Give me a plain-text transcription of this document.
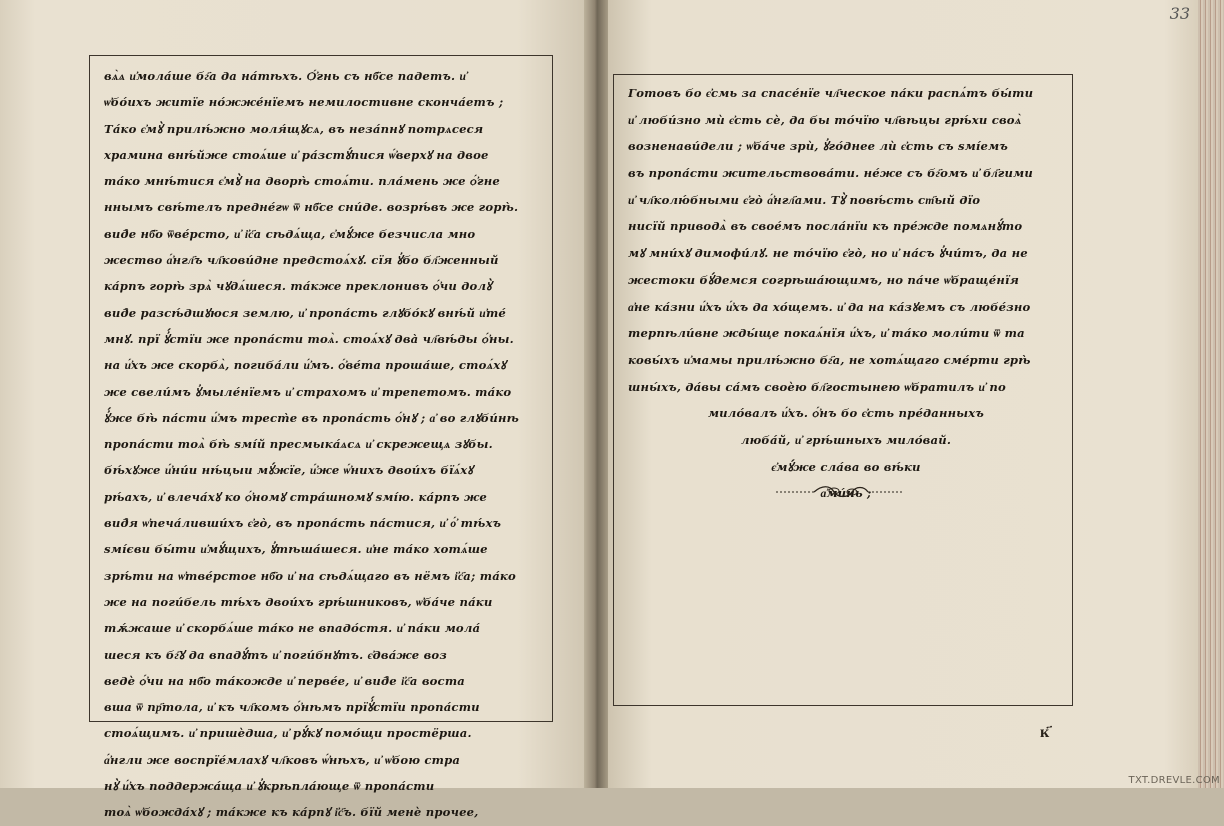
вѧ̀ѧ и҆мола́ше бг҃а да на́тѣхъ. Ѻ҆́гнь съ нб҃се падетъ. и҆
ѡ҆бо́ихъ житїе но́жже́нїемъ немилостивне сконча́етъ ;
Та́ко є҆мꙋ̀ прилѣ́жно моля́щꙋсѧ, въ неза́пнꙋ потрѧсеся
храмина внѣ́йже стоѧ́ше и҆ ра́зстꙋ́пися ѡ҆́верхꙋ на двое
та́ко мнѣ́тися є҆мꙋ̀ на дворѣ̀ стоѧ́ти. пла́мень же ѻ҆́гне
ннымъ свѣ́телъ предне́гѡ ѿ нб҃се сни́де. возрѣ́въ же горѣ̀.
вид̑е нб҃о ѿве́рсто, и҆ і҆с҃а сѣдѧ́ща, є҆мꙋ́же безчисла мно
жество а҆́нгл҃ъ чл҃кови́дне предстоѧ́хꙋ. сїя ꙋ҆бо бл҃женный
ка́рпъ горѣ̀ зрѧ̀ чꙋдѧ́шеся. та́кже преклонивъ ѻ҆́чи долꙋ̀
вид̑е разсѣ́дшꙋюся землю, и҆ пропа́сть глꙋбо́кꙋ внѣ́й и҆те́
мнꙋ. прї ꙋ҆́стїи же пропа́сти тоѧ̀. стоѧ́хꙋ два̀ чл҃вѣ́ды ѻ҆́ны.
на и҆́хъ же скорбѧ̀, погиба́ли и҆́мъ. ѻ҆́ве́та проша́ше, стоѧ́хꙋ
же свели́мъ ꙋ҆мыле́нїемъ и҆ страхомъ и҆ трепетомъ. та́ко
ꙋ҆́же бѣ̀ па́сти и҆́мъ трест̀е въ пропа́сть ѻ҆́нꙋ ; а҆ во глꙋби́нѣ
пропа́сти тоѧ̀ бѣ̀ ѕмі́й пресмыка́ѧсѧ и҆ скрежещѧ зꙋбы.
бѣ́хꙋже и҆́ни́и нѣ́цыи мꙋ́жїе, и҆́же ѡ҆́нихъ двои́хъ бїѧ́хꙋ
рѣ́ахъ, и҆ влеча́хꙋ ко ѻ҆́номꙋ стра́шномꙋ ѕмі́ю. ка́рпъ же
вид̑я ѡ҆печа́ливши́хъ є҆го̀, въ пропа́сть па́стися, и҆ о҆́ тѣ́хъ
ѕмі́єви бы́ти и҆мꙋ́щихъ, ꙋ҆тѣша́шеся. и҆не та́ко хотѧ́ше
зрѣ́ти на ѡ҆тве́рстое нб҃о и҆ на сѣдѧ́щаго въ нёмъ і҆с҃а; та́ко
же на поги́бель тѣ́хъ двои́хъ грѣ́шниковъ, ѡ҆ба́че па́ки
тѫ́жаше и҆ скорбѧ́ше та́ко не впадо́стя. и҆ па́ки мола́
шеся къ бг҃ꙋ да впадꙋ́тъ и҆ поги́бнꙋтъ. є҆два́же воз
ведѐ ѻ҆́чи на нб҃о та́кожде и҆ перве́е, и҆ вид̑е і҆с҃а воста
вша ѿ пр҃тола, и҆ къ чл҃комъ ѻ҆́нѣмъ прїꙋ҆́стїи пропа́сти
стоѧ́щимъ. и҆ пришѐдша, и҆ рꙋ́кꙋ помо́щи простёрша.
а҆́нгли же воспрїе́млахꙋ чл҃ковъ ѡ҆́нѣхъ, и҆ ѡ҆бою стра
нꙋ̀ и҆́хъ поддержа́ща и҆ ꙋ҆крѣпла́юще ѿ пропа́сти
тоѧ̀ ѡ҆божда́хꙋ ; та́кже къ ка́рпꙋ і҆с҃ъ. бїй менѐ прочее,
Готовъ бо є҆смь за спасе́нїе чл҃ческое па́ки распѧ́тъ бы́ти
и҆ люби́зно мѝ є҆сть сѐ, да бы то́чїю чл҃вѣцы грѣ́хи своѧ̀
возненави́дели ; ѡ҆ба́че зрѝ, ꙋ҆го́днее лѝ є҆сть съ ѕмі́емъ
въ пропа́сти жительствова́ти. не́же съ бг҃омъ и҆ бл҃гими
и҆ чл҃колю́бными є҆го̀ а҆́нгл҃ами. Тꙋ̀ повѣ́сть ст҃ый дїо
нисїй приводѧ̀ въ свое́мъ посла́нїи къ пре́жде помѧнꙋ́то
мꙋ мни́хꙋ димофи́лꙋ. не то́чїю є҆го̀, но и҆ на́съ ꙋ҆чи́тъ, да не
жестоки бꙋ́демся согрѣша́ющимъ, но па́че ѡ҆браще́нїя
а҆не ка́зни и҆́хъ и҆́хъ да хо́щемъ. и҆ да на ка́зꙋемъ съ любе́зно
терпѣли́вне жды́ще покаѧ́нїя и҆́хъ, и҆ та́ко моли́ти ѿ та
ковы́хъ и҆мамы прилѣ́жно бг҃а, не хотѧ́щаго сме́рти грѣ̀
шны́хъ, да́вы са́мъ своѐю бл҃гостынею ѡ҆братилъ и҆ по
мило́валъ и҆́хъ. ѻ҆́нъ бо є҆сть пре́данныхъ
люба́й, и҆ грѣ́шныхъ мило́вай.
є҆мꙋ́же сла́ва во вѣ́ки
а҆ми́нь ;
33
к҃
TXT.DREVLE.COM
